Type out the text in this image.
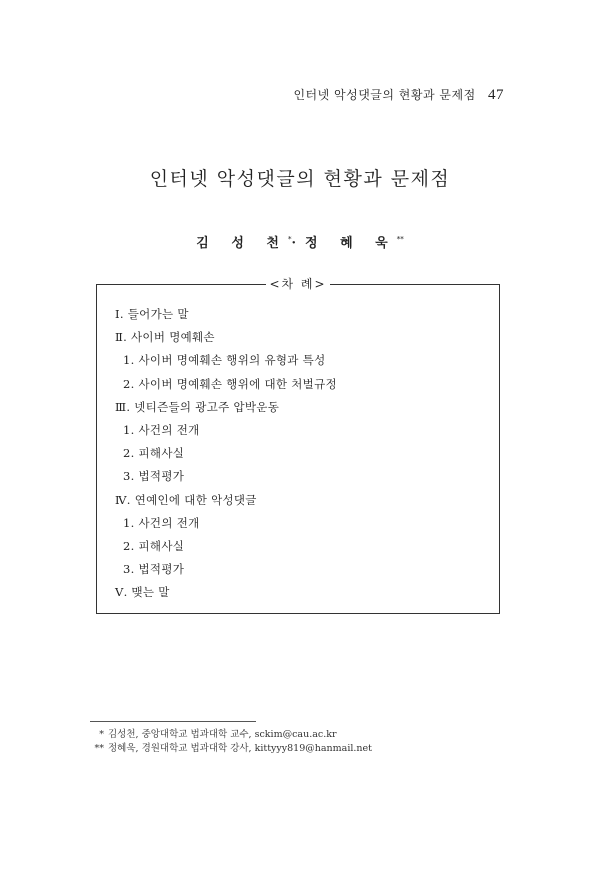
인터넷 악성댓글의 현황과 문제점 47
인터넷 악성댓글의 현황과 문제점
김 성 천*·정 혜 욱**
<차 례>
Ⅰ. 들어가는 말
Ⅱ. 사이버 명예훼손
1. 사이버 명예훼손 행위의 유형과 특성
2. 사이버 명예훼손 행위에 대한 처벌규정
Ⅲ. 넷티즌들의 광고주 압박운동
1. 사건의 전개
2. 피해사실
3. 법적평가
Ⅳ. 연예인에 대한 악성댓글
1. 사건의 전개
2. 피해사실
3. 법적평가
Ⅴ. 맺는 말
* 김성천, 중앙대학교 법과대학 교수, sckim@cau.ac.kr
** 정혜욱, 경원대학교 법과대학 강사, kittyyy819@hanmail.net
